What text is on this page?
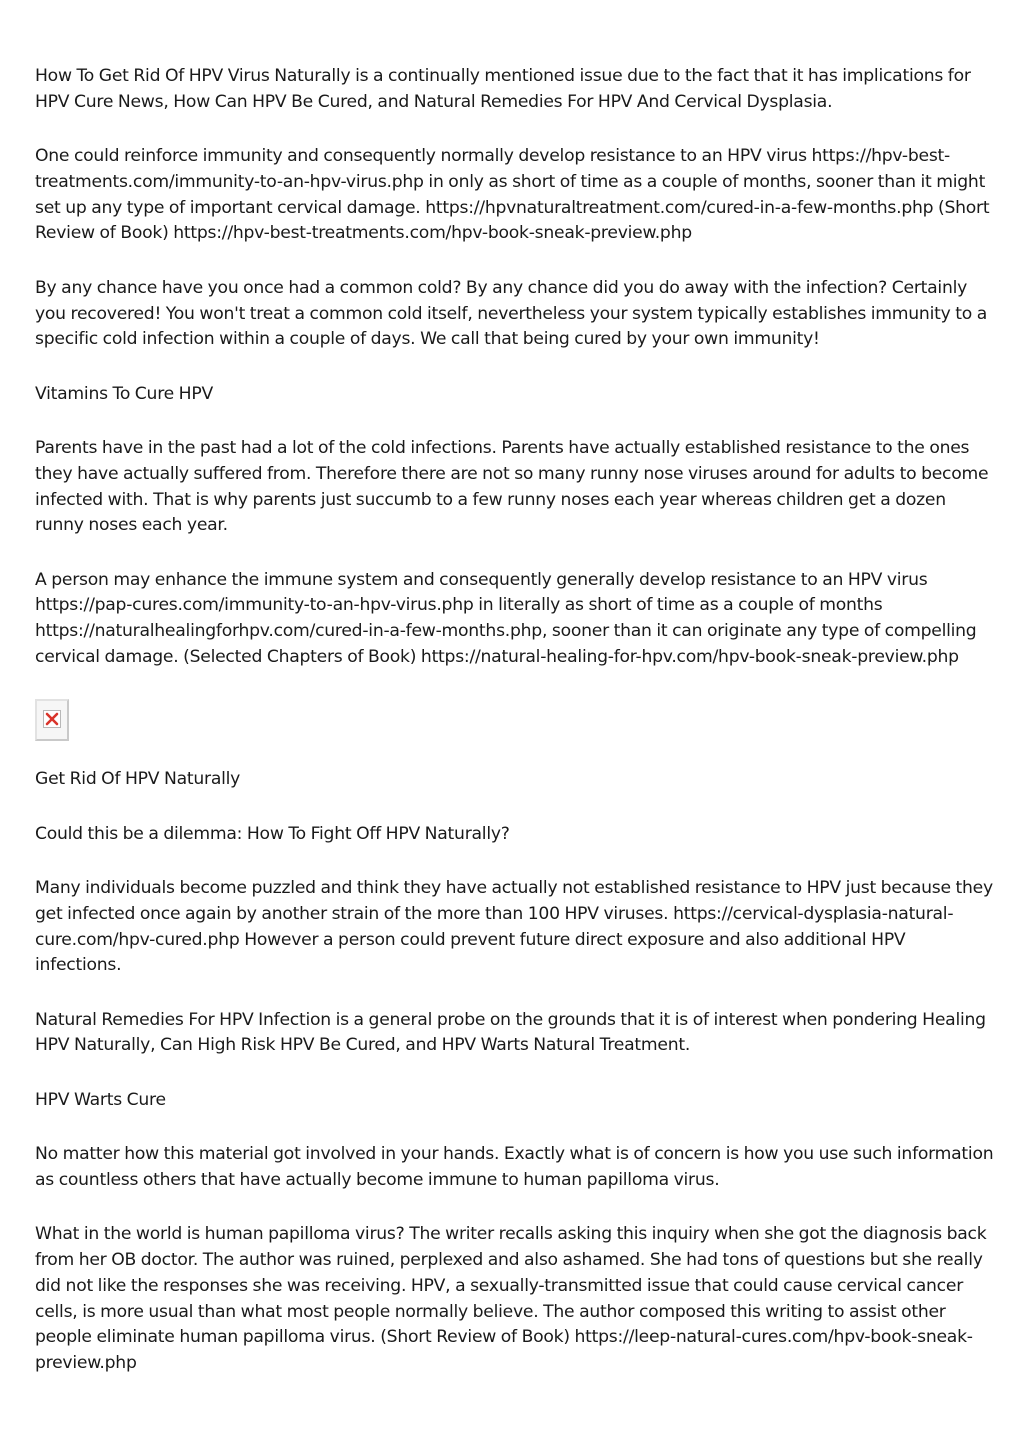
How To Get Rid Of HPV Virus Naturally is a continually mentioned issue due to the fact that it has implications for HPV Cure News, How Can HPV Be Cured, and Natural Remedies For HPV And Cervical Dysplasia.

One could reinforce immunity and consequently normally develop resistance to an HPV virus https://hpv-best-treatments.com/immunity-to-an-hpv-virus.php in only as short of time as a couple of months, sooner than it might set up any type of important cervical damage. https://hpvnaturaltreatment.com/cured-in-a-few-months.php (Short Review of Book) https://hpv-best-treatments.com/hpv-book-sneak-preview.php

By any chance have you once had a common cold? By any chance did you do away with the infection? Certainly you recovered! You won't treat a common cold itself, nevertheless your system typically establishes immunity to a specific cold infection within a couple of days. We call that being cured by your own immunity!

Vitamins To Cure HPV

Parents have in the past had a lot of the cold infections. Parents have actually established resistance to the ones they have actually suffered from. Therefore there are not so many runny nose viruses around for adults to become infected with. That is why parents just succumb to a few runny noses each year whereas children get a dozen runny noses each year.

A person may enhance the immune system and consequently generally develop resistance to an HPV virus https://pap-cures.com/immunity-to-an-hpv-virus.php in literally as short of time as a couple of months https://naturalhealingforhpv.com/cured-in-a-few-months.php, sooner than it can originate any type of compelling cervical damage. (Selected Chapters of Book) https://natural-healing-for-hpv.com/hpv-book-sneak-preview.php

Get Rid Of HPV Naturally

Could this be a dilemma: How To Fight Off HPV Naturally?

Many individuals become puzzled and think they have actually not established resistance to HPV just because they get infected once again by another strain of the more than 100 HPV viruses. https://cervical-dysplasia-natural-cure.com/hpv-cured.php However a person could prevent future direct exposure and also additional HPV infections.

Natural Remedies For HPV Infection is a general probe on the grounds that it is of interest when pondering Healing HPV Naturally, Can High Risk HPV Be Cured, and HPV Warts Natural Treatment.

HPV Warts Cure

No matter how this material got involved in your hands. Exactly what is of concern is how you use such information as countless others that have actually become immune to human papilloma virus.

What in the world is human papilloma virus? The writer recalls asking this inquiry when she got the diagnosis back from her OB doctor. The author was ruined, perplexed and also ashamed. She had tons of questions but she really did not like the responses she was receiving. HPV, a sexually-transmitted issue that could cause cervical cancer cells, is more usual than what most people normally believe. The author composed this writing to assist other people eliminate human papilloma virus. (Short Review of Book) https://leep-natural-cures.com/hpv-book-sneak-preview.php
